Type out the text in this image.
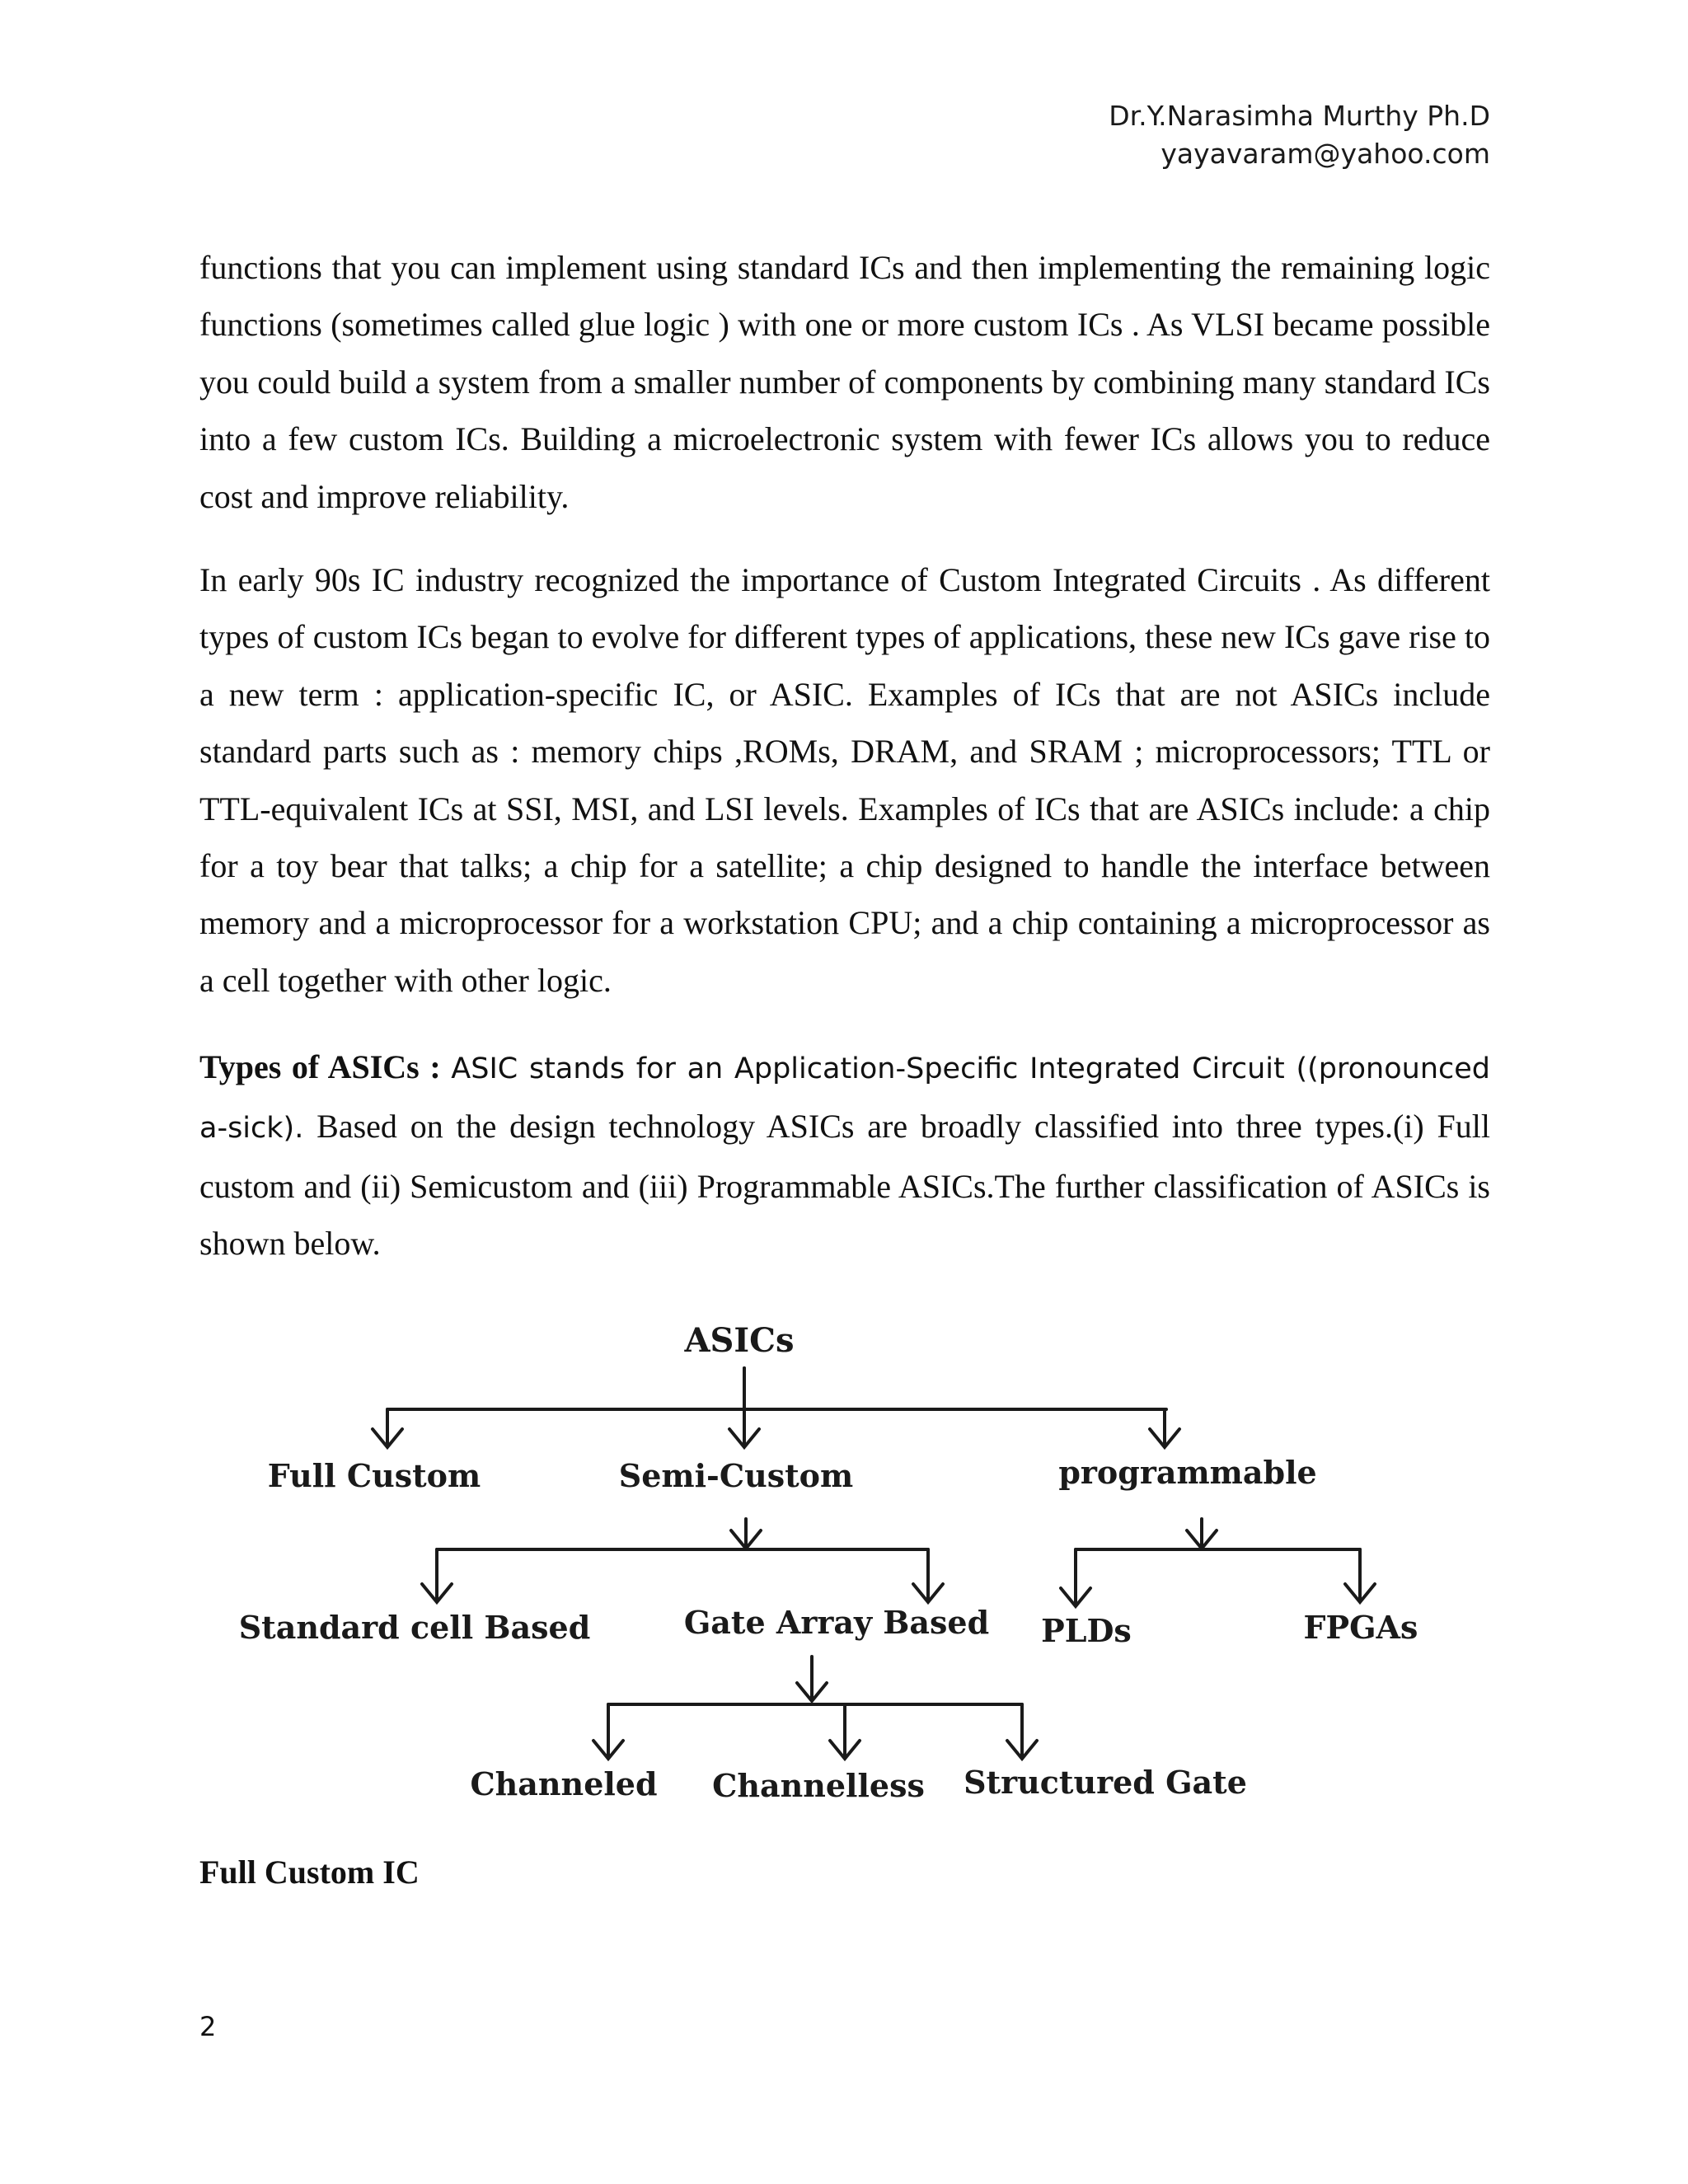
Dr.Y.Narasimha Murthy Ph.D
yayavaram@yahoo.com

functions that you can implement using standard ICs and then implementing the remaining logic functions (sometimes called glue logic ) with one or more custom ICs . As VLSI became possible you could build a system from a smaller number of components by combining many standard ICs into a few custom ICs. Building a microelectronic system with fewer ICs allows you to reduce cost and improve reliability.

In early 90s IC industry recognized the importance of Custom Integrated Circuits . As different types of custom ICs began to evolve for different types of applications, these new ICs gave rise to a new term : application-specific IC, or ASIC. Examples of ICs that are not ASICs include standard parts such as : memory chips ,ROMs, DRAM, and SRAM ; microprocessors; TTL or TTL-equivalent ICs at SSI, MSI, and LSI levels. Examples of ICs that are ASICs include: a chip for a toy bear that talks; a chip for a satellite; a chip designed to handle the interface between memory and a microprocessor for a workstation CPU; and a chip containing a microprocessor as a cell together with other logic.

Types of ASICs : ASIC stands for an Application-Specific Integrated Circuit ((pronounced a-sick). Based on the design technology ASICs are broadly classified into three types.(i) Full custom and (ii) Semicustom and (iii) Programmable ASICs.The further classification of ASICs is shown below.

ASICs
Full Custom	Semi-Custom	programmable
Standard cell Based	Gate Array Based PLDs	FPGAs
Channeled Channelless Structured Gate
Full Custom IC
2
